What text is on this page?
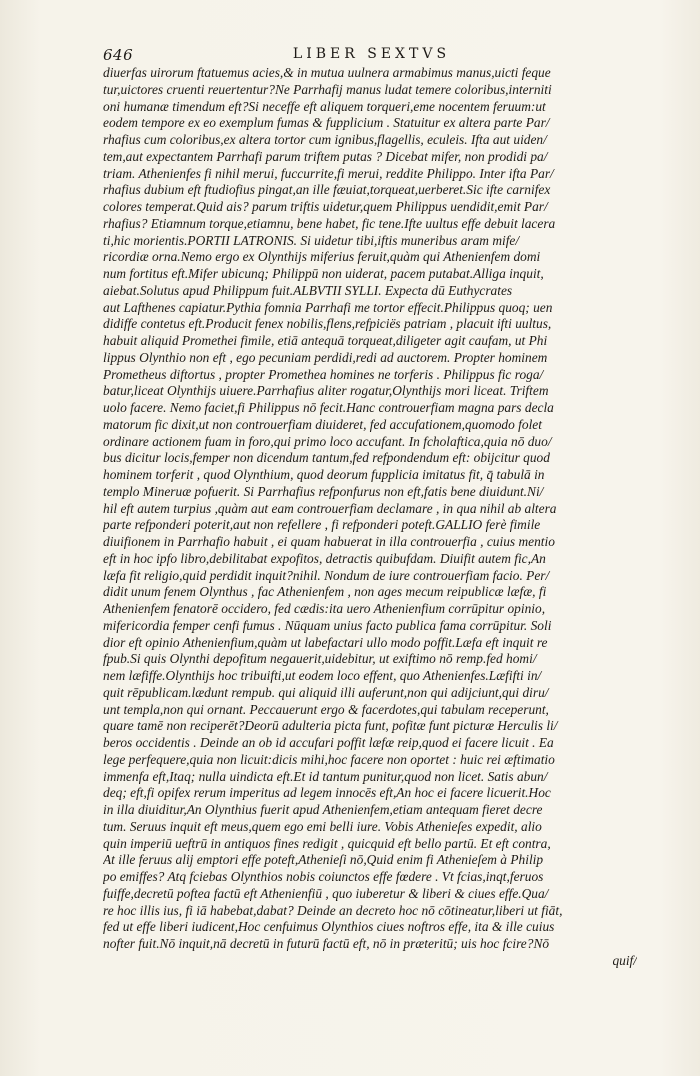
646	LIBER SEXTVS
diuerfas uirorum ftatuemus acies,& in mutua uulnera armabimus manus,uicti feque
tur,uictores cruenti reuertentur?Ne Parrhafij manus ludat temere coloribus,interniti
oni humanæ timendum eft?Si neceffe eft aliquem torqueri,eme nocentem feruum:ut
eodem tempore ex eo exemplum fumas & fupplicium . Statuitur ex altera parte Par/
rhafius cum coloribus,ex altera tortor cum ignibus,flagellis, eculeis. Ifta aut uiden/
tem,aut expectantem Parrhafi parum triftem putas ? Dicebat mifer, non prodidi pa/
triam. Athenienfes fi nihil merui, fuccurrite,fi merui, reddite Philippo. Inter ifta Par/
rhafius dubium eft ftudiofius pingat,an ille fæuiat,torqueat,uerberet.Sic ifte carnifex
colores temperat.Quid ais? parum triftis uidetur,quem Philippus uendidit,emit Par/
rhafius? Etiamnum torque,etiamnu, bene habet, fic tene.Ifte uultus effe debuit lacera
ti,hic morientis.PORTII LATRONIS. Si uidetur tibi,iftis muneribus aram mife/
ricordiæ orna.Nemo ergo ex Olynthijs miferius feruit,quàm qui Athenienfem domi
num fortitus eft.Mifer ubicunq; Philippū non uiderat, pacem putabat.Alliga inquit,
aiebat.Solutus apud Philippum fuit.ALBVTII SYLLI. Expecta dū Euthycrates
aut Lafthenes capiatur.Pythia fomnia Parrhafi me tortor effecit.Philippus quoq; uen
didiffe contetus eft.Producit fenex nobilis,flens,refpiciës patriam , placuit ifti uultus,
habuit aliquid Promethei fimile, etiā antequā torqueat,diligeter agit caufam, ut Phi
lippus Olynthio non eft , ego pecuniam perdidi,redi ad auctorem. Propter hominem
Prometheus diftortus , propter Promethea homines ne torferis . Philippus fic roga/
batur,liceat Olynthijs uiuere.Parrhafius aliter rogatur,Olynthijs mori liceat. Triftem
uolo facere. Nemo faciet,fi Philippus nō fecit.Hanc controuerfiam magna pars decla
matorum fic dixit,ut non controuerfiam diuideret, fed accufationem,quomodo folet
ordinare actionem fuam in foro,qui primo loco accufant. In fcholaftica,quia nō duo/
bus dicitur locis,femper non dicendum tantum,fed refpondendum eft: obijcitur quod
hominem torferit , quod Olynthium, quod deorum fupplicia imitatus fit, q̄ tabulā in
templo Mineruæ pofuerit. Si Parrhafius refponfurus non eft,fatis bene diuidunt.Ni/
hil eft autem turpius ,quàm aut eam controuerfiam declamare , in qua nihil ab altera
parte refponderi poterit,aut non refellere , fi refponderi poteft.GALLIO ferè fimile
diuifionem in Parrhafio habuit , ei quam habuerat in illa controuerfia , cuius mentio
eft in hoc ipfo libro,debilitabat expofitos, detractis quibufdam. Diuifit autem fic,An
læfa fit religio,quid perdidit inquit?nihil. Nondum de iure controuerfiam facio. Per/
didit unum fenem Olynthus , fac Athenienfem , non ages mecum reipublicæ læfæ, fi
Athenienfem fenatorē occidero, fed cædis:ita uero Athenienfium corrūpitur opinio,
mifericordia femper cenfi fumus . Nūquam unius facto publica fama corrūpitur. Soli
dior eft opinio Athenienfium,quàm ut labefactari ullo modo poffit.Læfa eft inquit re
fpub.Si quis Olynthi depofitum negauerit,uidebitur, ut exiftimo nō remp.fed homi/
nem læfiffe.Olynthijs hoc tribuifti,ut eodem loco effent, quo Athenienfes.Læfifti in/
quit rēpublicam.lædunt rempub. qui aliquid illi auferunt,non qui adijciunt,qui diru/
unt templa,non qui ornant. Peccauerunt ergo & facerdotes,qui tabulam receperunt,
quare tamē non reciperēt?Deorū adulteria picta funt, pofitæ funt picturæ Herculis li/
beros occidentis . Deinde an ob id accufari poffit læfæ reip,quod ei facere licuit . Ea
lege perfequere,quia non licuit:dicis mihi,hoc facere non oportet : huic rei æftimatio
immenfa eft,Itaq; nulla uindicta eft.Et id tantum punitur,quod non licet. Satis abun/
deq; eft,fi opifex rerum imperitus ad legem innocēs eft,An hoc ei facere licuerit.Hoc
in illa diuiditur,An Olynthius fuerit apud Athenienfem,etiam antequam fieret decre
tum. Seruus inquit eft meus,quem ego emi belli iure. Vobis Athenieſes expedit, alio
quin imperiū ueftrū in antiquos fines redigit , quicquid eft bello partū. Et eft contra,
At ille feruus alij emptori effe poteft,Athenieſi nō,Quid enim fi Athenieſem à Philip
po emiffes? Atq fciebas Olynthios nobis coiunctos effe fœdere . Vt fcias,inqt,feruos
fuiffe,decretū poftea factū eft Athenienfiū , quo iuberetur & liberi & ciues effe.Qua/
re hoc illis ius, fi iā habebat,dabat? Deinde an decreto hoc nō cōtineatur,liberi ut fiāt,
fed ut effe liberi iudicent,Hoc cenfuimus Olynthios ciues noftros effe, ita & ille cuius
nofter fuit.Nō inquit,nā decretū in futurū factū eft, nō in præteritū; uis hoc fcire?Nō
quif/
